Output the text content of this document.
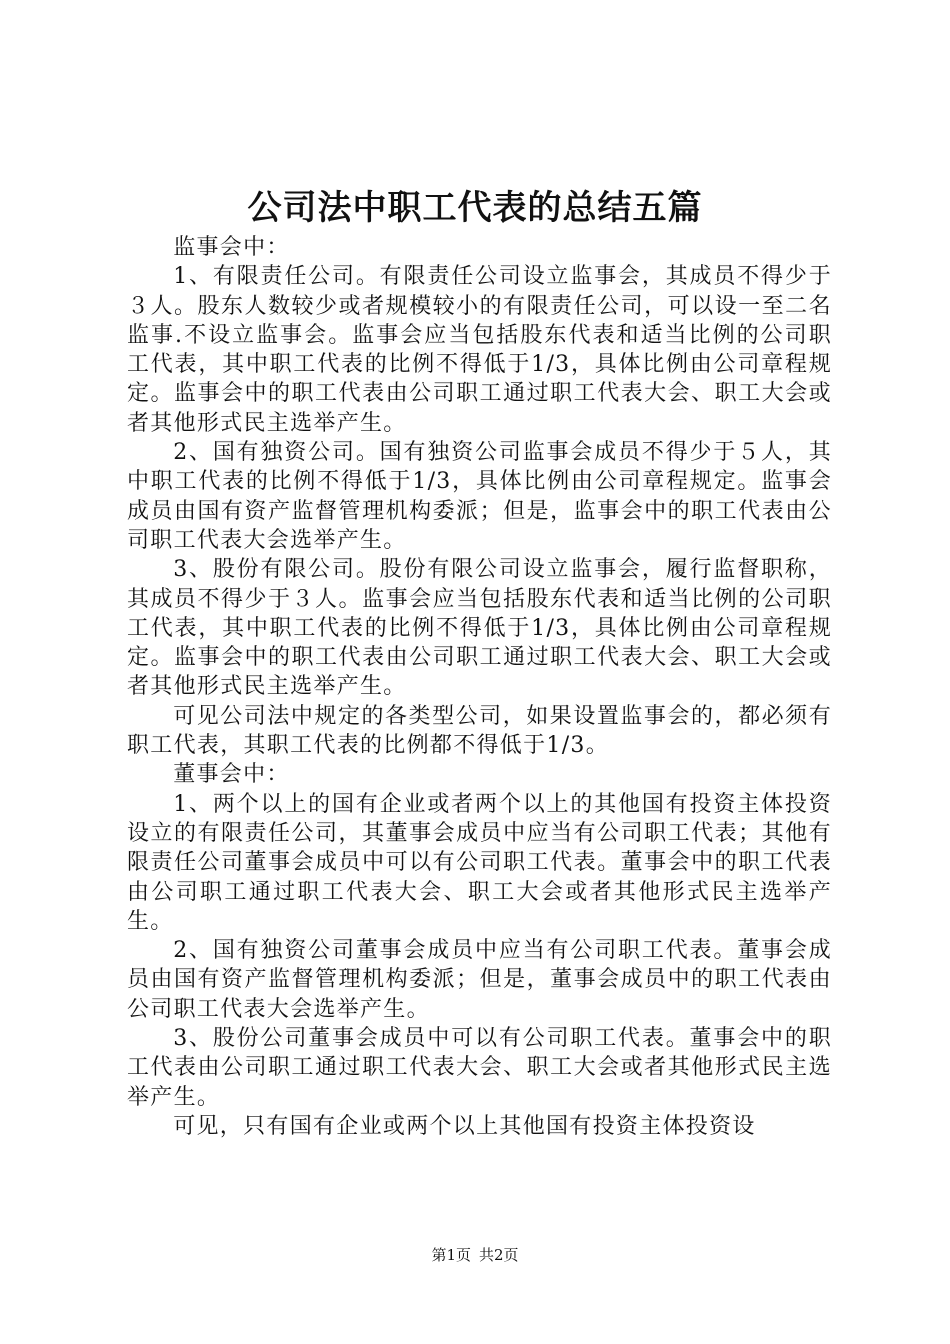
公司法中职工代表的总结五篇

监事会中：

1、有限责任公司。有限责任公司设立监事会，其成员不得少于３人。股东人数较少或者规模较小的有限责任公司，可以设一至二名监事.不设立监事会。监事会应当包括股东代表和适当比例的公司职工代表，其中职工代表的比例不得低于1/3，具体比例由公司章程规定。监事会中的职工代表由公司职工通过职工代表大会、职工大会或者其他形式民主选举产生。

2、国有独资公司。国有独资公司监事会成员不得少于５人，其中职工代表的比例不得低于1/3，具体比例由公司章程规定。监事会成员由国有资产监督管理机构委派；但是，监事会中的职工代表由公司职工代表大会选举产生。

3、股份有限公司。股份有限公司设立监事会，履行监督职称，其成员不得少于３人。监事会应当包括股东代表和适当比例的公司职工代表，其中职工代表的比例不得低于1/3，具体比例由公司章程规定。监事会中的职工代表由公司职工通过职工代表大会、职工大会或者其他形式民主选举产生。

可见公司法中规定的各类型公司，如果设置监事会的，都必须有职工代表，其职工代表的比例都不得低于1/3。

董事会中：

1、两个以上的国有企业或者两个以上的其他国有投资主体投资设立的有限责任公司，其董事会成员中应当有公司职工代表；其他有限责任公司董事会成员中可以有公司职工代表。董事会中的职工代表由公司职工通过职工代表大会、职工大会或者其他形式民主选举产生。

2、国有独资公司董事会成员中应当有公司职工代表。董事会成员由国有资产监督管理机构委派；但是，董事会成员中的职工代表由公司职工代表大会选举产生。

3、股份公司董事会成员中可以有公司职工代表。董事会中的职工代表由公司职工通过职工代表大会、职工大会或者其他形式民主选举产生。

可见，只有国有企业或两个以上其他国有投资主体投资设

第1页 共2页
